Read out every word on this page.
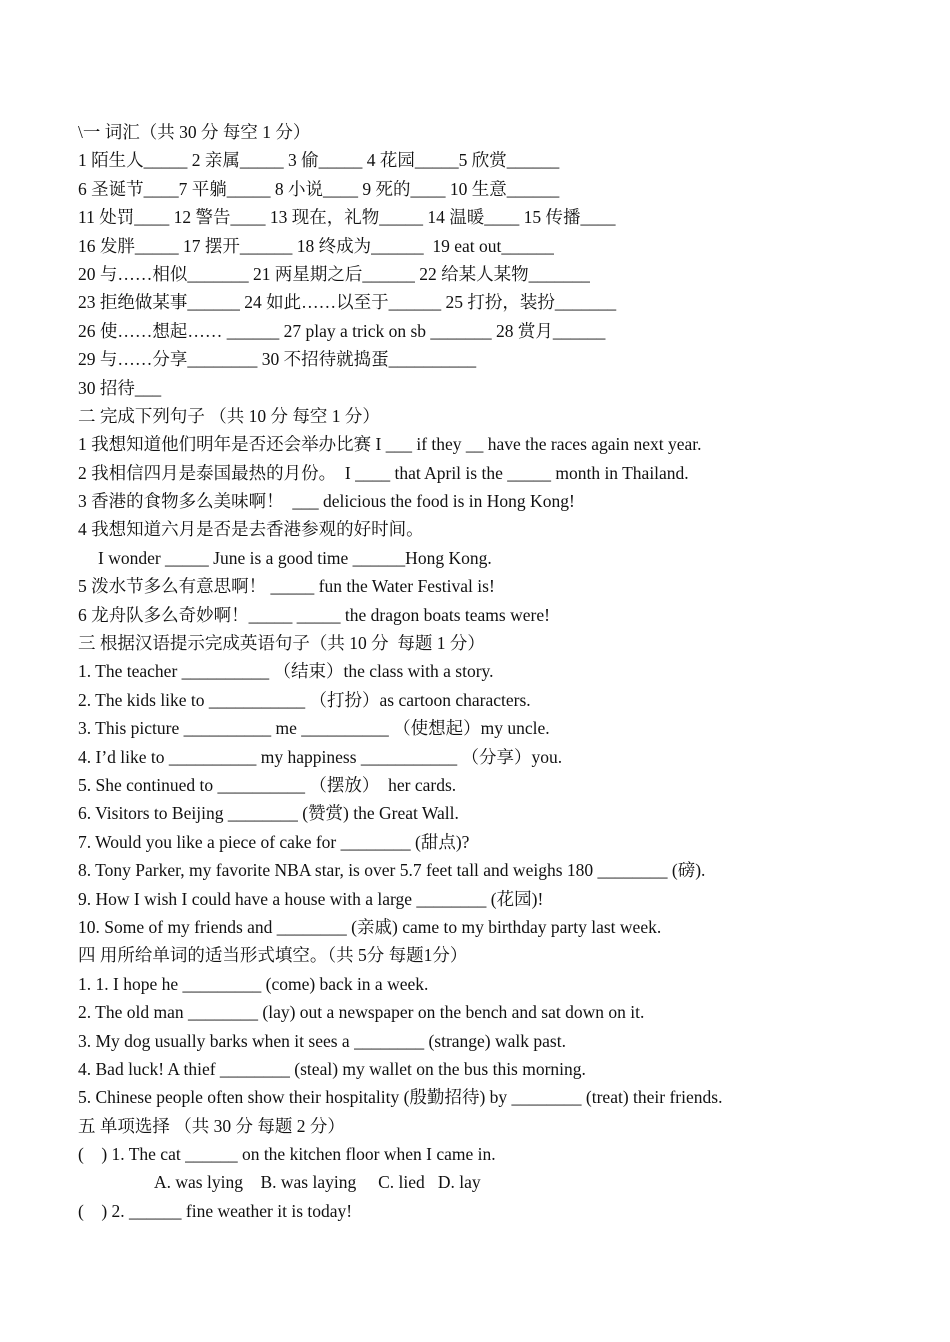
\一 词汇（共 30 分 每空 1 分）
1 陌生人_____ 2 亲属_____ 3 偷_____ 4 花园_____5 欣赏______
6 圣诞节____7 平躺_____ 8 小说____ 9 死的____ 10 生意______
11 处罚____ 12 警告____ 13 现在，礼物_____ 14 温暖____ 15 传播____
16 发胖_____ 17 摆开______ 18 终成为______  19 eat out______
20 与……相似_______ 21 两星期之后______ 22 给某人某物_______
23 拒绝做某事______ 24 如此……以至于______ 25 打扮，装扮_______
26 使……想起…… ______ 27 play a trick on sb _______ 28 赏月______
29 与……分享________ 30 不招待就捣蛋__________
30 招待___
二 完成下列句子 （共 10 分 每空 1 分）
1 我想知道他们明年是否还会举办比赛 I ___ if they __ have the races again next year.
2 我相信四月是泰国最热的月份。  I ____ that April is the _____ month in Thailand.
3 香港的食物多么美味啊！  ___ delicious the food is in Hong Kong!
4 我想知道六月是否是去香港参观的好时间。
I wonder _____ June is a good time ______Hong Kong.
5 泼水节多么有意思啊！ _____ fun the Water Festival is!
6 龙舟队多么奇妙啊！_____ _____ the dragon boats teams were!
三 根据汉语提示完成英语句子（共 10 分  每题 1 分）
1. The teacher __________ （结束）the class with a story.
2. The kids like to ___________ （打扮）as cartoon characters.
3. This picture __________ me __________ （使想起）my uncle.
4. I’d like to __________ my happiness ___________ （分享）you.
5. She continued to __________ （摆放）  her cards.
6. Visitors to Beijing ________ (赞赏) the Great Wall.
7. Would you like a piece of cake for ________ (甜点)?
8. Tony Parker, my favorite NBA star, is over 5.7 feet tall and weighs 180 ________ (磅).
9. How I wish I could have a house with a large ________ (花园)!
10. Some of my friends and ________ (亲戚) came to my birthday party last week.
四 用所给单词的适当形式填空。（共 5分 每题1分）
1. 1. I hope he _________ (come) back in a week.
2. The old man ________ (lay) out a newspaper on the bench and sat down on it.
3. My dog usually barks when it sees a ________ (strange) walk past.
4. Bad luck! A thief ________ (steal) my wallet on the bus this morning.
5. Chinese people often show their hospitality (殷勤招待) by ________ (treat) their friends.
五 单项选择 （共 30 分 每题 2 分）
(    ) 1. The cat ______ on the kitchen floor when I came in.
A. was lying    B. was laying     C. lied   D. lay
(    ) 2. ______ fine weather it is today!
